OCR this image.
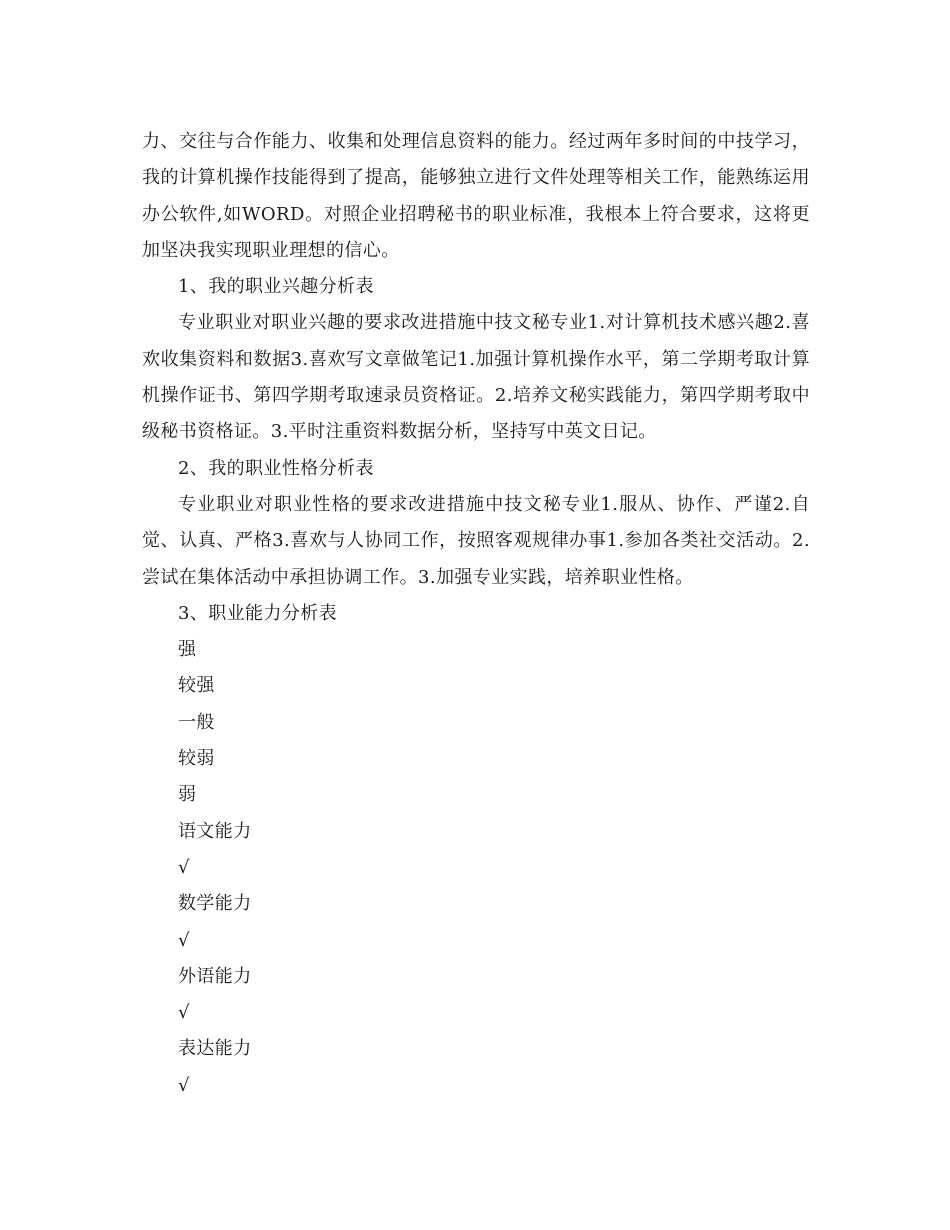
力、交往与合作能力、收集和处理信息资料的能力。经过两年多时间的中技学习，我的计算机操作技能得到了提高，能够独立进行文件处理等相关工作，能熟练运用办公软件,如WORD。对照企业招聘秘书的职业标准，我根本上符合要求，这将更加坚决我实现职业理想的信心。

1、我的职业兴趣分析表

专业职业对职业兴趣的要求改进措施中技文秘专业1.对计算机技术感兴趣2.喜欢收集资料和数据3.喜欢写文章做笔记1.加强计算机操作水平，第二学期考取计算机操作证书、第四学期考取速录员资格证。2.培养文秘实践能力，第四学期考取中级秘书资格证。3.平时注重资料数据分析，坚持写中英文日记。

2、我的职业性格分析表

专业职业对职业性格的要求改进措施中技文秘专业1.服从、协作、严谨2.自觉、认真、严格3.喜欢与人协同工作，按照客观规律办事1.参加各类社交活动。2.尝试在集体活动中承担协调工作。3.加强专业实践，培养职业性格。

3、职业能力分析表

强

较强

一般

较弱

弱

语文能力

√

数学能力

√

外语能力

√

表达能力

√
